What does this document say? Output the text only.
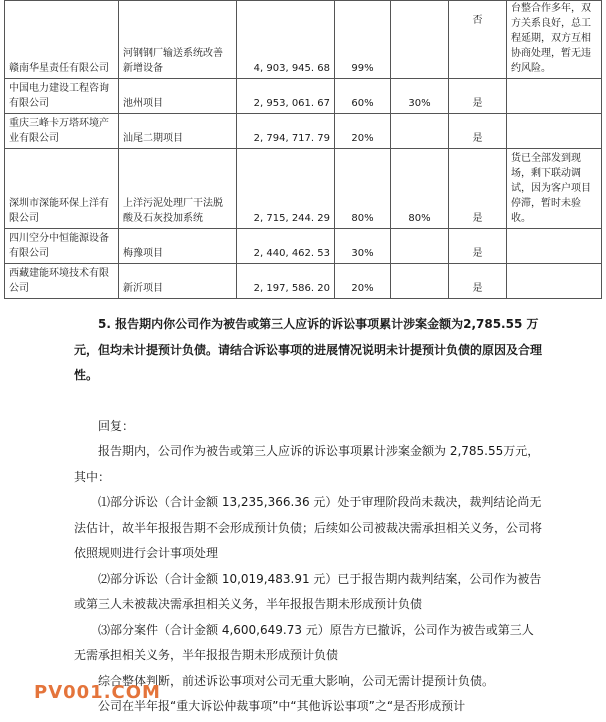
赣南华星责任有限公司	河钢钢厂输送系统改善新增设备	4, 903, 945. 68	99%		否	台整合作多年，双方关系良好，总工程延期，双方互相协商处理，暂无违约风险。
中国电力建设工程咨询有限公司	池州项目	2, 953, 061. 67	60%	30%	是	
重庆三峰卡万塔环境产业有限公司	汕尾二期项目	2, 794, 717. 79	20%		是	
深圳市深能环保上洋有限公司	上洋污泥处理厂干法脱酸及石灰投加系统	2, 715, 244. 29	80%	80%	是	货已全部发到现场，剩下联动调试，因为客户项目停滞，暂时未验收。
四川空分中恒能源设备有限公司	梅豫项目	2, 440, 462. 53	30%		是	
西藏建能环境技术有限公司	新沂项目	2, 197, 586. 20	20%		是	

5. 报告期内你公司作为被告或第三人应诉的诉讼事项累计涉案金额为2,785.55 万元，但均未计提预计负债。请结合诉讼事项的进展情况说明未计提预计负债的原因及合理性。

回复：

报告期内，公司作为被告或第三人应诉的诉讼事项累计涉案金额为 2,785.55万元，其中：

⑴部分诉讼（合计金额 13,235,366.36 元）处于审理阶段尚未裁决，裁判结论尚无法估计，故半年报报告期不会形成预计负债；后续如公司被裁决需承担相关义务，公司将依照规则进行会计事项处理

⑵部分诉讼（合计金额 10,019,483.91 元）已于报告期内裁判结案，公司作为被告或第三人未被裁决需承担相关义务，半年报报告期未形成预计负债

⑶部分案件（合计金额 4,600,649.73 元）原告方已撤诉，公司作为被告或第三人无需承担相关义务，半年报报告期未形成预计负债

综合整体判断，前述诉讼事项对公司无重大影响，公司无需计提预计负债。

公司在半年报“重大诉讼仲裁事项”中“其他诉讼事项”之“是否形成预计

PV001.COM
